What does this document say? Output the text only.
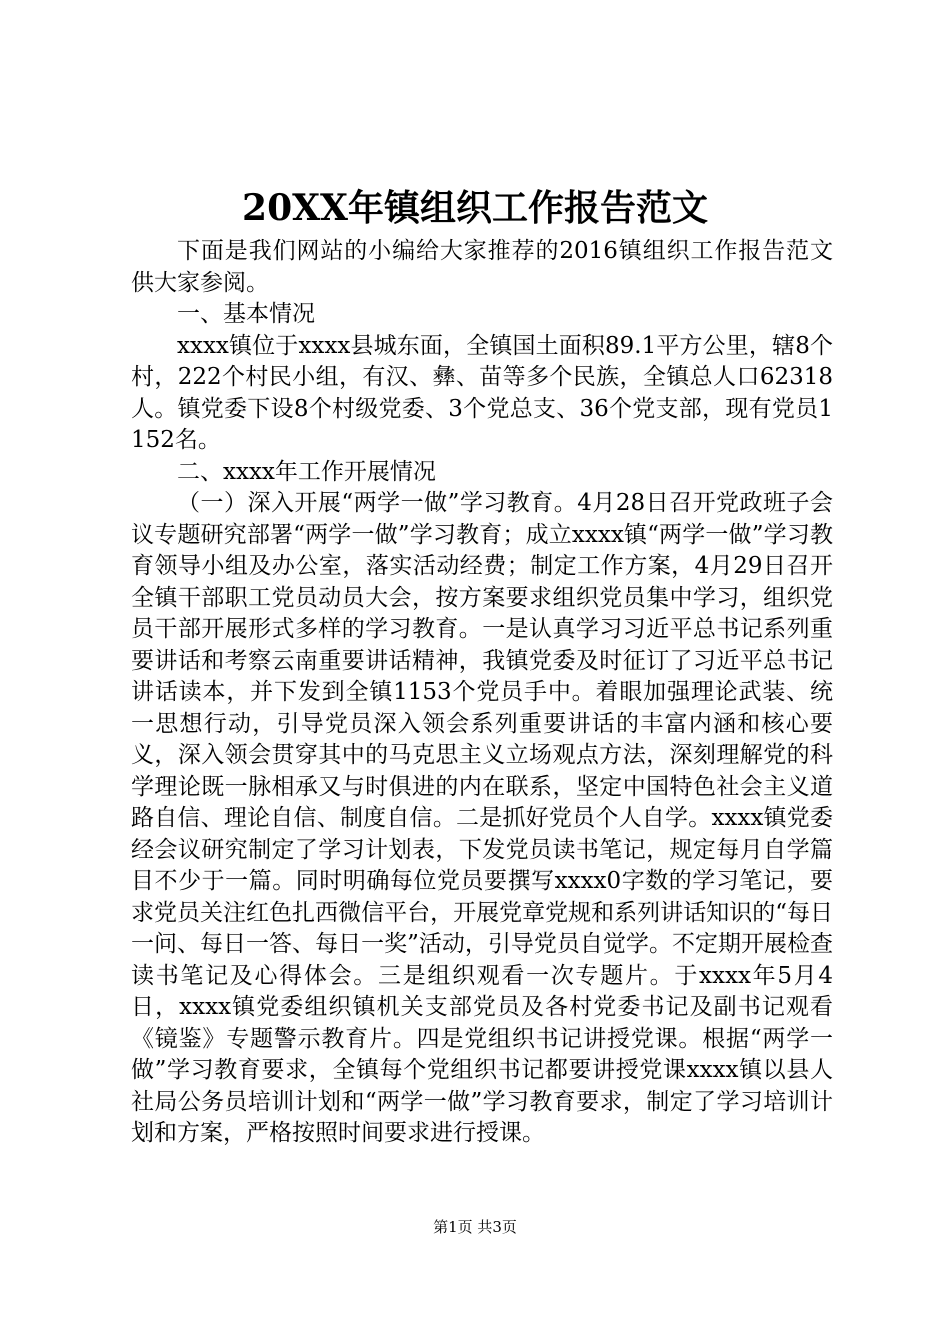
20XX年镇组织工作报告范文

下面是我们网站的小编给大家推荐的2016镇组织工作报告范文供大家参阅。

一、基本情况

xxxx镇位于xxxx县城东面，全镇国土面积89.1平方公里，辖8个村，222个村民小组，有汉、彝、苗等多个民族，全镇总人口62318人。镇党委下设8个村级党委、3个党总支、36个党支部，现有党员1152名。

二、xxxx年工作开展情况

（一）深入开展“两学一做”学习教育。4月28日召开党政班子会议专题研究部署“两学一做”学习教育；成立xxxx镇“两学一做”学习教育领导小组及办公室，落实活动经费；制定工作方案，4月29日召开全镇干部职工党员动员大会，按方案要求组织党员集中学习，组织党员干部开展形式多样的学习教育。一是认真学习习近平总书记系列重要讲话和考察云南重要讲话精神，我镇党委及时征订了习近平总书记讲话读本，并下发到全镇1153个党员手中。着眼加强理论武装、统一思想行动，引导党员深入领会系列重要讲话的丰富内涵和核心要义，深入领会贯穿其中的马克思主义立场观点方法，深刻理解党的科学理论既一脉相承又与时俱进的内在联系，坚定中国特色社会主义道路自信、理论自信、制度自信。二是抓好党员个人自学。xxxx镇党委经会议研究制定了学习计划表，下发党员读书笔记，规定每月自学篇目不少于一篇。同时明确每位党员要撰写xxxx0字数的学习笔记，要求党员关注红色扎西微信平台，开展党章党规和系列讲话知识的“每日一问、每日一答、每日一奖”活动，引导党员自觉学。不定期开展检查读书笔记及心得体会。三是组织观看一次专题片。于xxxx年5月4日，xxxx镇党委组织镇机关支部党员及各村党委书记及副书记观看《镜鉴》专题警示教育片。四是党组织书记讲授党课。根据“两学一做”学习教育要求，全镇每个党组织书记都要讲授党课xxxx镇以县人社局公务员培训计划和“两学一做”学习教育要求，制定了学习培训计划和方案，严格按照时间要求进行授课。

第1页 共3页
